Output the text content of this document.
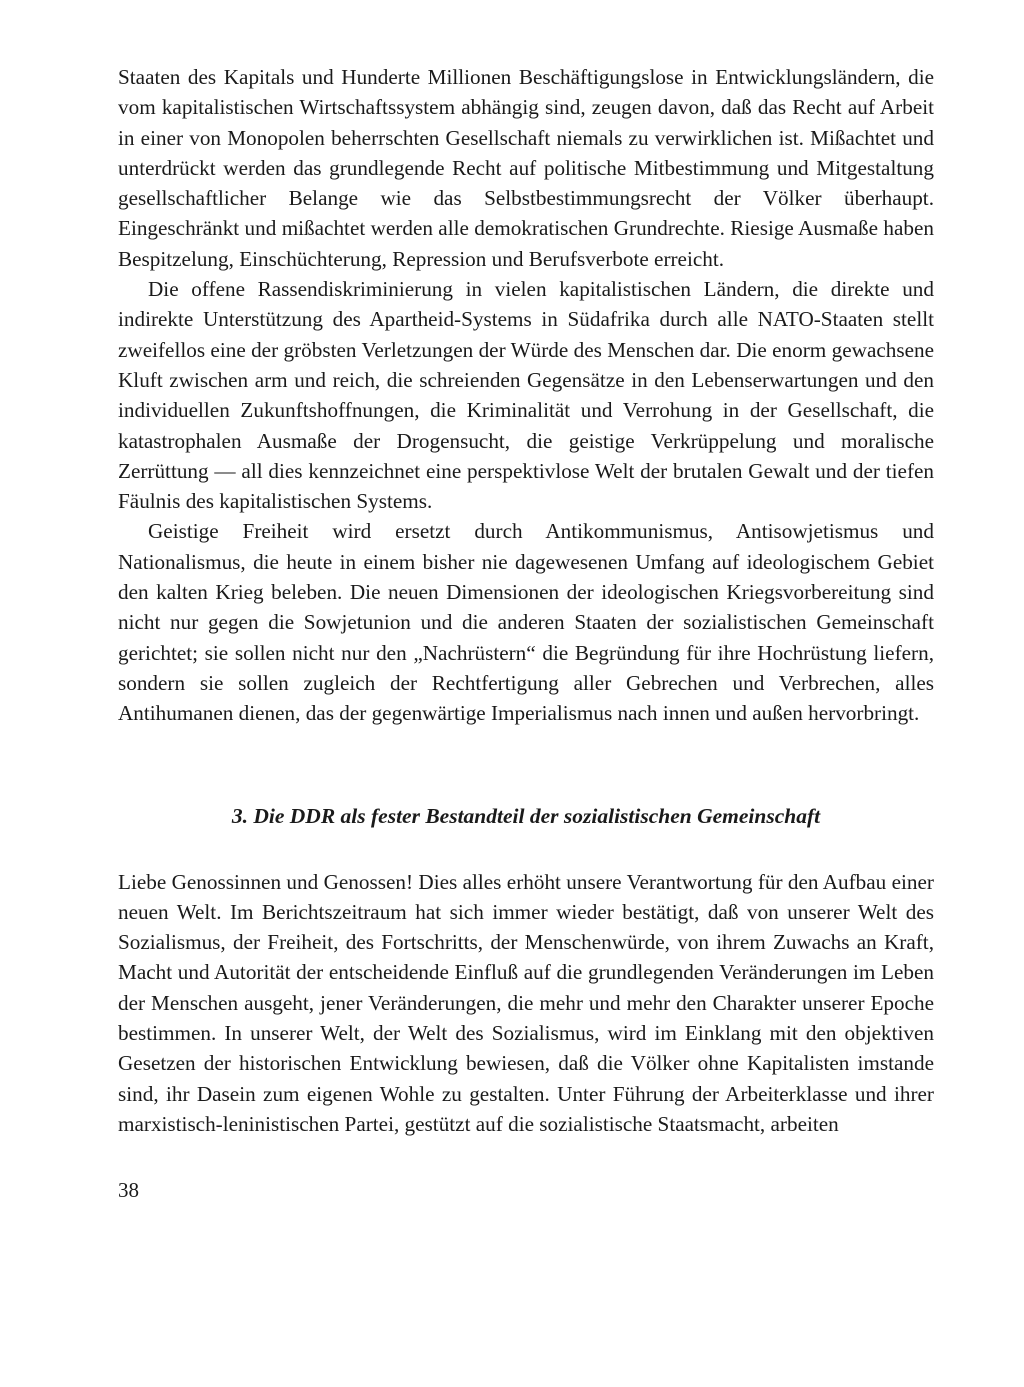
Staaten des Kapitals und Hunderte Millionen Beschäftigungslose in Entwicklungsländern, die vom kapitalistischen Wirtschaftssystem abhängig sind, zeugen davon, daß das Recht auf Arbeit in einer von Monopolen beherrschten Gesellschaft niemals zu verwirklichen ist. Mißachtet und unterdrückt werden das grundlegende Recht auf politische Mitbestimmung und Mitgestaltung gesellschaftlicher Belange wie das Selbstbestimmungsrecht der Völker überhaupt. Eingeschränkt und mißachtet werden alle demokratischen Grundrechte. Riesige Ausmaße haben Bespitzelung, Einschüchterung, Repression und Berufsverbote erreicht.

Die offene Rassendiskriminierung in vielen kapitalistischen Ländern, die direkte und indirekte Unterstützung des Apartheid-Systems in Südafrika durch alle NATO-Staaten stellt zweifellos eine der gröbsten Verletzungen der Würde des Menschen dar. Die enorm gewachsene Kluft zwischen arm und reich, die schreienden Gegensätze in den Lebenserwartungen und den individuellen Zukunftshoffnungen, die Kriminalität und Verrohung in der Gesellschaft, die katastrophalen Ausmaße der Drogensucht, die geistige Verkrüppelung und moralische Zerrüttung — all dies kennzeichnet eine perspektivlose Welt der brutalen Gewalt und der tiefen Fäulnis des kapitalistischen Systems.

Geistige Freiheit wird ersetzt durch Antikommunismus, Antisowjetismus und Nationalismus, die heute in einem bisher nie dagewesenen Umfang auf ideologischem Gebiet den kalten Krieg beleben. Die neuen Dimensionen der ideologischen Kriegsvorbereitung sind nicht nur gegen die Sowjetunion und die anderen Staaten der sozialistischen Gemeinschaft gerichtet; sie sollen nicht nur den „Nachrüstern“ die Begründung für ihre Hochrüstung liefern, sondern sie sollen zugleich der Rechtfertigung aller Gebrechen und Verbrechen, alles Antihumanen dienen, das der gegenwärtige Imperialismus nach innen und außen hervorbringt.

3. Die DDR als fester Bestandteil der sozialistischen Gemeinschaft

Liebe Genossinnen und Genossen! Dies alles erhöht unsere Verantwortung für den Aufbau einer neuen Welt. Im Berichtszeitraum hat sich immer wieder bestätigt, daß von unserer Welt des Sozialismus, der Freiheit, des Fortschritts, der Menschenwürde, von ihrem Zuwachs an Kraft, Macht und Autorität der entscheidende Einfluß auf die grundlegenden Veränderungen im Leben der Menschen ausgeht, jener Veränderungen, die mehr und mehr den Charakter unserer Epoche bestimmen. In unserer Welt, der Welt des Sozialismus, wird im Einklang mit den objektiven Gesetzen der historischen Entwicklung bewiesen, daß die Völker ohne Kapitalisten imstande sind, ihr Dasein zum eigenen Wohle zu gestalten. Unter Führung der Arbeiterklasse und ihrer marxistisch-leninistischen Partei, gestützt auf die sozialistische Staatsmacht, arbeiten

38
